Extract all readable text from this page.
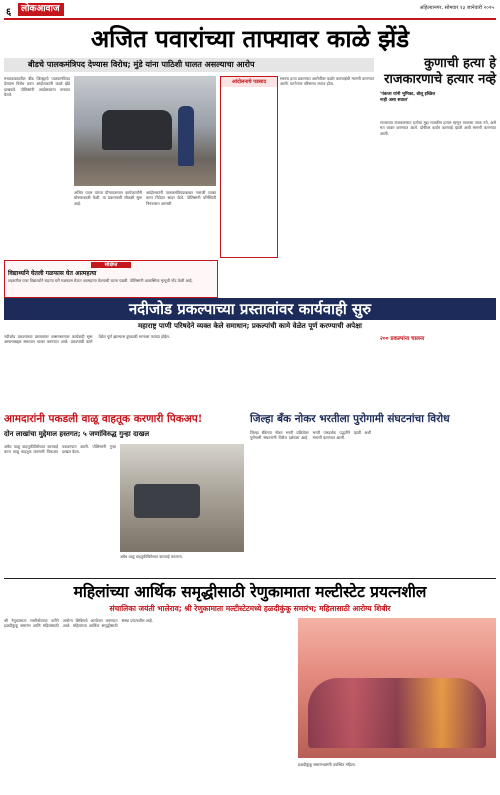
६	लोकआवाज	अहिल्यानगर, सोमवार १३ जानेवारी २०२५
अजित पवारांच्या ताफ्यावर काळे झेंडे
बीडचे पालकमंत्रिपद देण्यास विरोध; मुंडे यांना पाठिशी घालत असल्याचा आरोप

मराठवाड्यातील बीड जिल्ह्याचे पालकमंत्रिपद देण्यास विरोध करत आंदोलकांनी काळे झेंडे दाखवले. पोलिसांनी आंदोलकांना ताब्यात घेतले.

अजित पवार यांच्या दौऱ्यादरम्यान कार्यकर्त्यांनी घोषणाबाजी केली. या प्रकरणाची चौकशी सुरू आहे.

आंदोलकांनी पालकमंत्रिपदाबाबत नाराजी व्यक्त करत निवेदन सादर केले. पोलिसांनी परिस्थिती नियंत्रणात आणली.

आंदोलनाचे पडसाद

सरपंच हत्या प्रकरणात आरोपींवर कठोर कारवाईची मागणी करण्यात आली. घटनेनंतर परिसरात तणाव होता.

कुणाची हत्या हे राजकारणाचे हत्यार नव्हे
'पंकजा यांनी भुमिका, बोलू इच्छित नाही असा सवाल'

राज्याच्या राजकारणात हत्येचा मुद्दा राजकीय हत्यार म्हणून वापरला जाऊ नये, असे मत व्यक्त करण्यात आले. दोषींवर कठोर कारवाई व्हावी अशी मागणी करण्यात आली.

संक्षिप्त
विद्यार्थ्याने घेतली गळफास घेत आत्महत्या
शहरातील एका विद्यार्थ्याने राहत्या घरी गळफास घेऊन आत्महत्या केल्याची घटना घडली. पोलिसांनी आकस्मिक मृत्यूची नोंद केली आहे.
नदीजोड प्रकल्पाच्या प्रस्तावांवर कार्यवाही सुरु
महाराष्ट्र पाणी परिषदेने व्यक्त केले समाधान; प्रकल्पांची कामे वेळेत पूर्ण करण्याची अपेक्षा

नदीजोड प्रकल्पांच्या प्रस्तावांवर शासनस्तरावर कार्यवाही सुरू असल्याबद्दल समाधान व्यक्त करण्यात आले. प्रकल्पांची कामे वेळेत पूर्ण झाल्यास दुष्काळी भागाला फायदा होईल.	२०० प्रकल्पांना चालना
आमदारांनी पकडली वाळू वाहतूक करणारी पिकअप!
दोन लाखांचा मुद्देमाल हस्तगत; ५ जणांविरुद्ध गुन्हा दाखल

अवैध वाळू वाहतुकीविरोधात कारवाई करत वाळू वाहतूक करणारी पिकअप पकडण्यात आली. पोलिसांनी गुन्हा दाखल केला.

अवैध वाळू वाहतुकीविरोधात कारवाई करताना.
जिल्हा बँक नोकर भरतीला पुरोगामी संघटनांचा विरोध

जिल्हा बँकेच्या नोकर भरती प्रक्रियेला पुरोगामी संघटनांनी विरोध दर्शवला आहे. भरती पारदर्शक पद्धतीने व्हावी अशी मागणी करण्यात आली.

महिलांच्या आर्थिक समृद्धीसाठी रेणुकामाता मल्टीस्टेट प्रयत्नशील
संचालिका जयंती भालेराव; श्री रेणुकामाता मल्टीस्टेटमध्ये हळदीकुंकू समारंभ; महिलासाठी आरोग्य शिबीर

श्री रेणुकामाता मल्टीस्टेटच्या वतीने हळदीकुंकू समारंभ आणि महिलांसाठी आरोग्य शिबिराचे आयोजन करण्यात आले. महिलांच्या आर्थिक समृद्धीसाठी संस्था प्रयत्नशील आहे.

हळदीकुंकू समारंभप्रसंगी उपस्थित महिला.
